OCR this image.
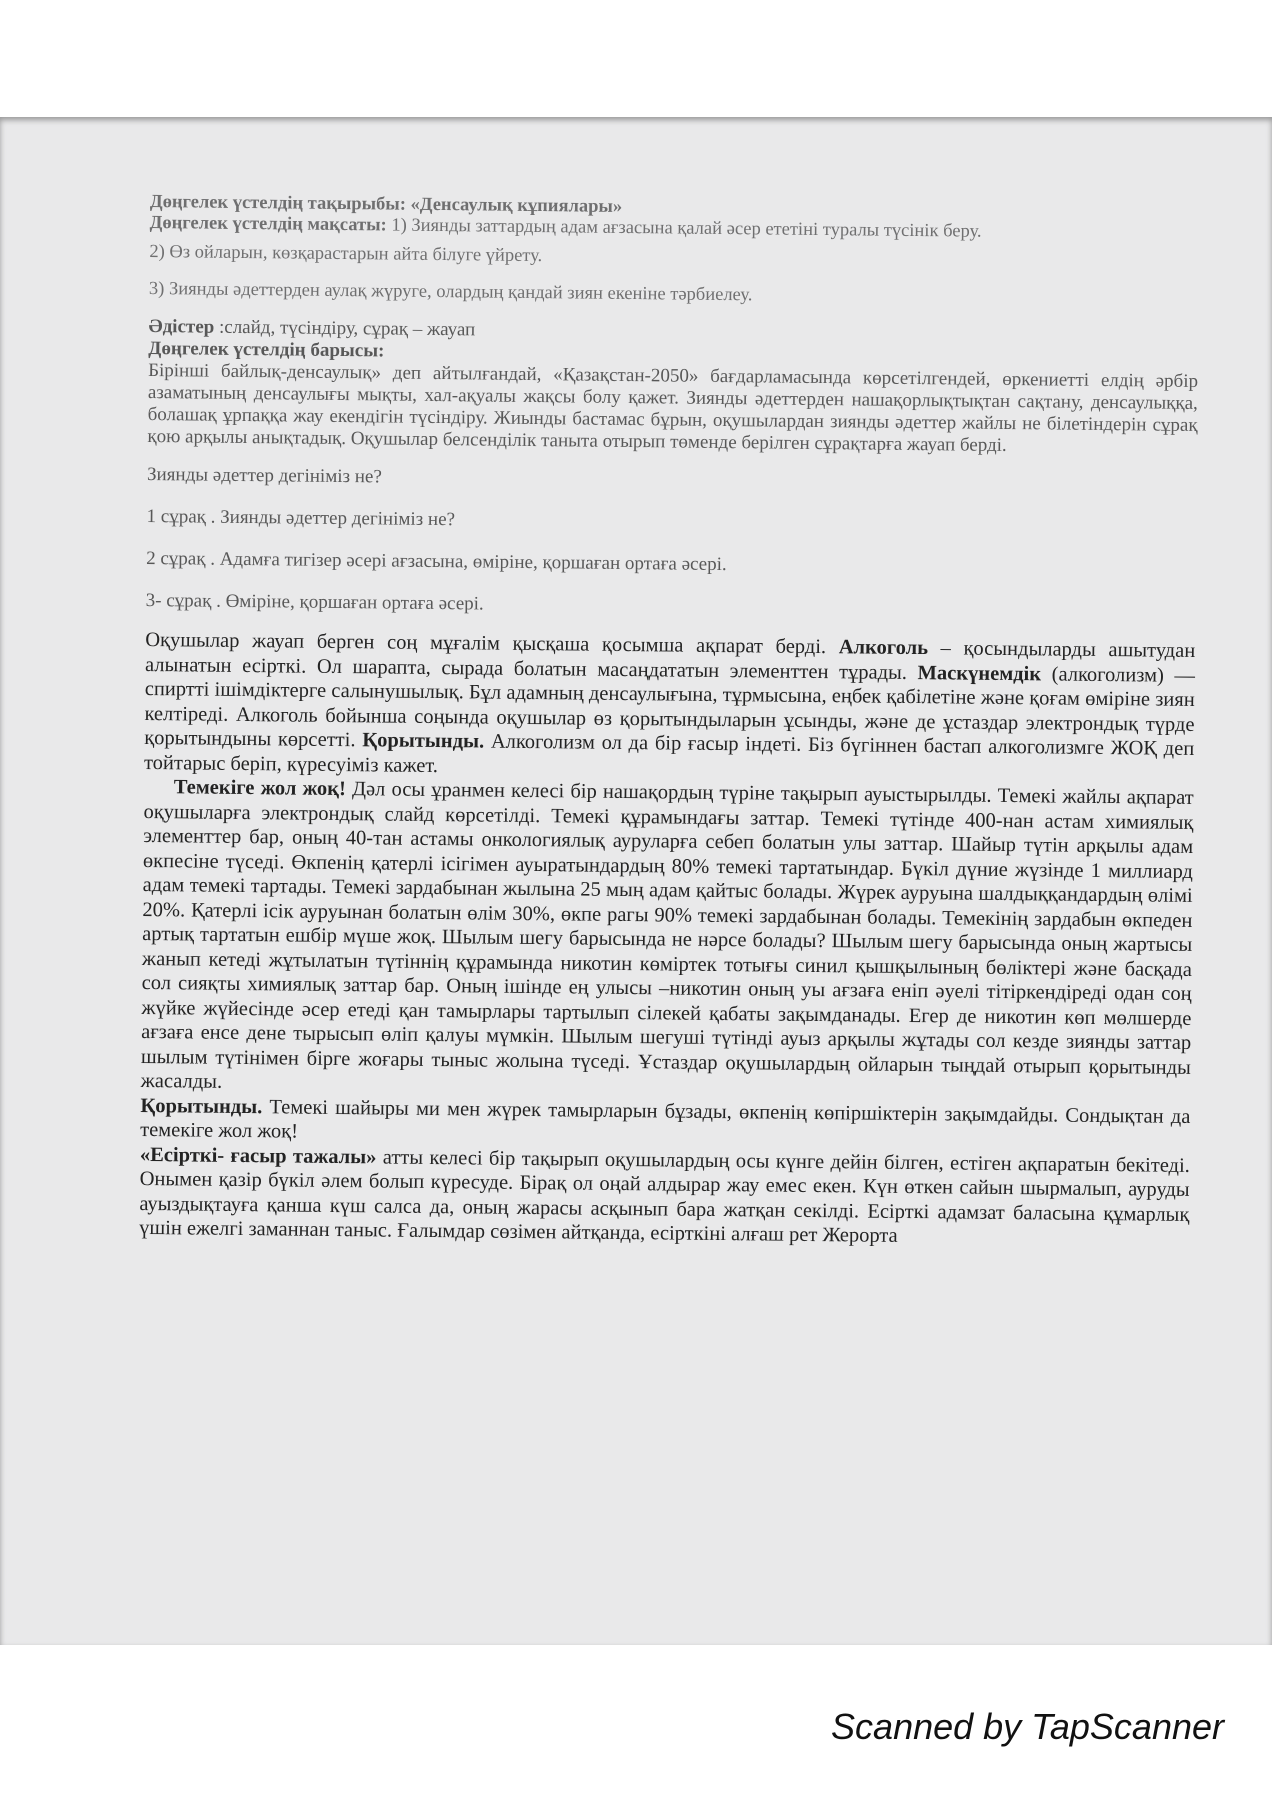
Дөңгелек үстелдің тақырыбы: «Денсаулық кұпиялары»

Дөңгелек үстелдің мақсаты: 1) Зиянды заттардың адам ағзасына қалай әсер ететіні туралы түсінік беру.

2) Өз ойларын, көзқарастарын айта білуге үйрету.

3) Зиянды әдеттерден аулақ жүруге, олардың қандай зиян екеніне тәрбиелеу.

Әдістер :слайд, түсіндіру, сұрақ – жауап

Дөңгелек үстелдің барысы:

Бірінші байлық-денсаулық» деп айтылғандай, «Қазақстан-2050» бағдарламасында көрсетілгендей, өркениетті елдің әрбір азаматының денсаулығы мықты, хал-ақуалы жақсы болу қажет. Зиянды әдеттерден нашақорлықтықтан сақтану, денсаулыққа, болашақ ұрпаққа жау екендігін түсіндіру. Жиынды бастамас бұрын, оқушылардан зиянды әдеттер жайлы не білетіндерін сұрақ қою арқылы анықтадық. Оқушылар белсенділік таныта отырып төменде берілген сұрақтарға жауап берді.

Зиянды әдеттер дегініміз не?

1 сұрақ . Зиянды әдеттер дегініміз не?

2 сұрақ . Адамға тигізер әсері ағзасына, өміріне, қоршаған ортаға әсері.

3- сұрақ . Өміріне, қоршаған ортаға әсері.

Оқушылар жауап берген соң мұғалім қысқаша қосымша ақпарат берді. Алкоголь – қосындыларды ашытудан алынатын есірткі. Ол шарапта, сырада болатын масаңдататын элементтен тұрады. Маскүнемдік (алкоголизм) — спиртті ішімдіктерге салынушылық. Бұл адамның денсаулығына, тұрмысына, еңбек қабілетіне және қоғам өміріне зиян келтіреді. Алкоголь бойынша соңында оқушылар өз қорытындыларын ұсынды, және де ұстаздар электрондық түрде қорытындыны көрсетті. Қорытынды. Алкоголизм ол да бір ғасыр індеті. Біз бүгіннен бастап алкоголизмге ЖОҚ деп тойтарыс беріп, күресуіміз кажет.

Темекіге жол жоқ! Дәл осы ұранмен келесі бір нашақордың түріне тақырып ауыстырылды. Темекі жайлы ақпарат оқушыларға электрондық слайд көрсетілді. Темекі құрамындағы заттар. Темекі түтінде 400-нан астам химиялық элементтер бар, оның 40-тан астамы онкологиялық ауруларға себеп болатын улы заттар. Шайыр түтін арқылы адам өкпесіне түседі. Өкпенің қатерлі ісігімен ауыратындардың 80% темекі тартатындар. Бүкіл дүние жүзінде 1 миллиард адам темекі тартады. Темекі зардабынан жылына 25 мың адам қайтыс болады. Жүрек ауруына шалдыққандардың өлімі 20%. Қатерлі ісік ауруынан болатын өлім 30%, өкпе рагы 90% темекі зардабынан болады. Темекінің зардабын өкпеден артық тартатын ешбір мүше жоқ. Шылым шегу барысында не нәрсе болады? Шылым шегу барысында оның жартысы жанып кетеді жұтылатын түтіннің құрамында никотин көміртек тотығы синил қышқылының бөліктері және басқада сол сияқты химиялық заттар бар. Оның ішінде ең улысы –никотин оның уы ағзаға еніп әуелі тітіркендіреді одан соң жүйке жүйесінде әсер етеді қан тамырлары тартылып сілекей қабаты зақымданады. Егер де никотин көп мөлшерде ағзаға енсе дене тырысып өліп қалуы мүмкін. Шылым шегуші түтінді ауыз арқылы жұтады сол кезде зиянды заттар шылым түтінімен бірге жоғары тыныс жолына түседі. Ұстаздар оқушылардың ойларын тыңдай отырып қорытынды жасалды.

Қорытынды. Темекі шайыры ми мен жүрек тамырларын бұзады, өкпенің көпіршіктерін зақымдайды. Сондықтан да темекіге жол жоқ!

«Есірткі- ғасыр тажалы» атты келесі бір тақырып оқушылардың осы күнге дейін білген, естіген ақпаратын бекітеді. Онымен қазір бүкіл әлем болып күресуде. Бірақ ол оңай алдырар жау емес екен. Күн өткен сайын шырмалып, ауруды ауыздықтауға қанша күш салса да, оның жарасы асқынып бара жатқан секілді. Есірткі адамзат баласына құмарлық үшін ежелгі заманнан таныс. Ғалымдар сөзімен айтқанда, есірткіні алғаш рет Жерорта

Scanned by TapScanner
